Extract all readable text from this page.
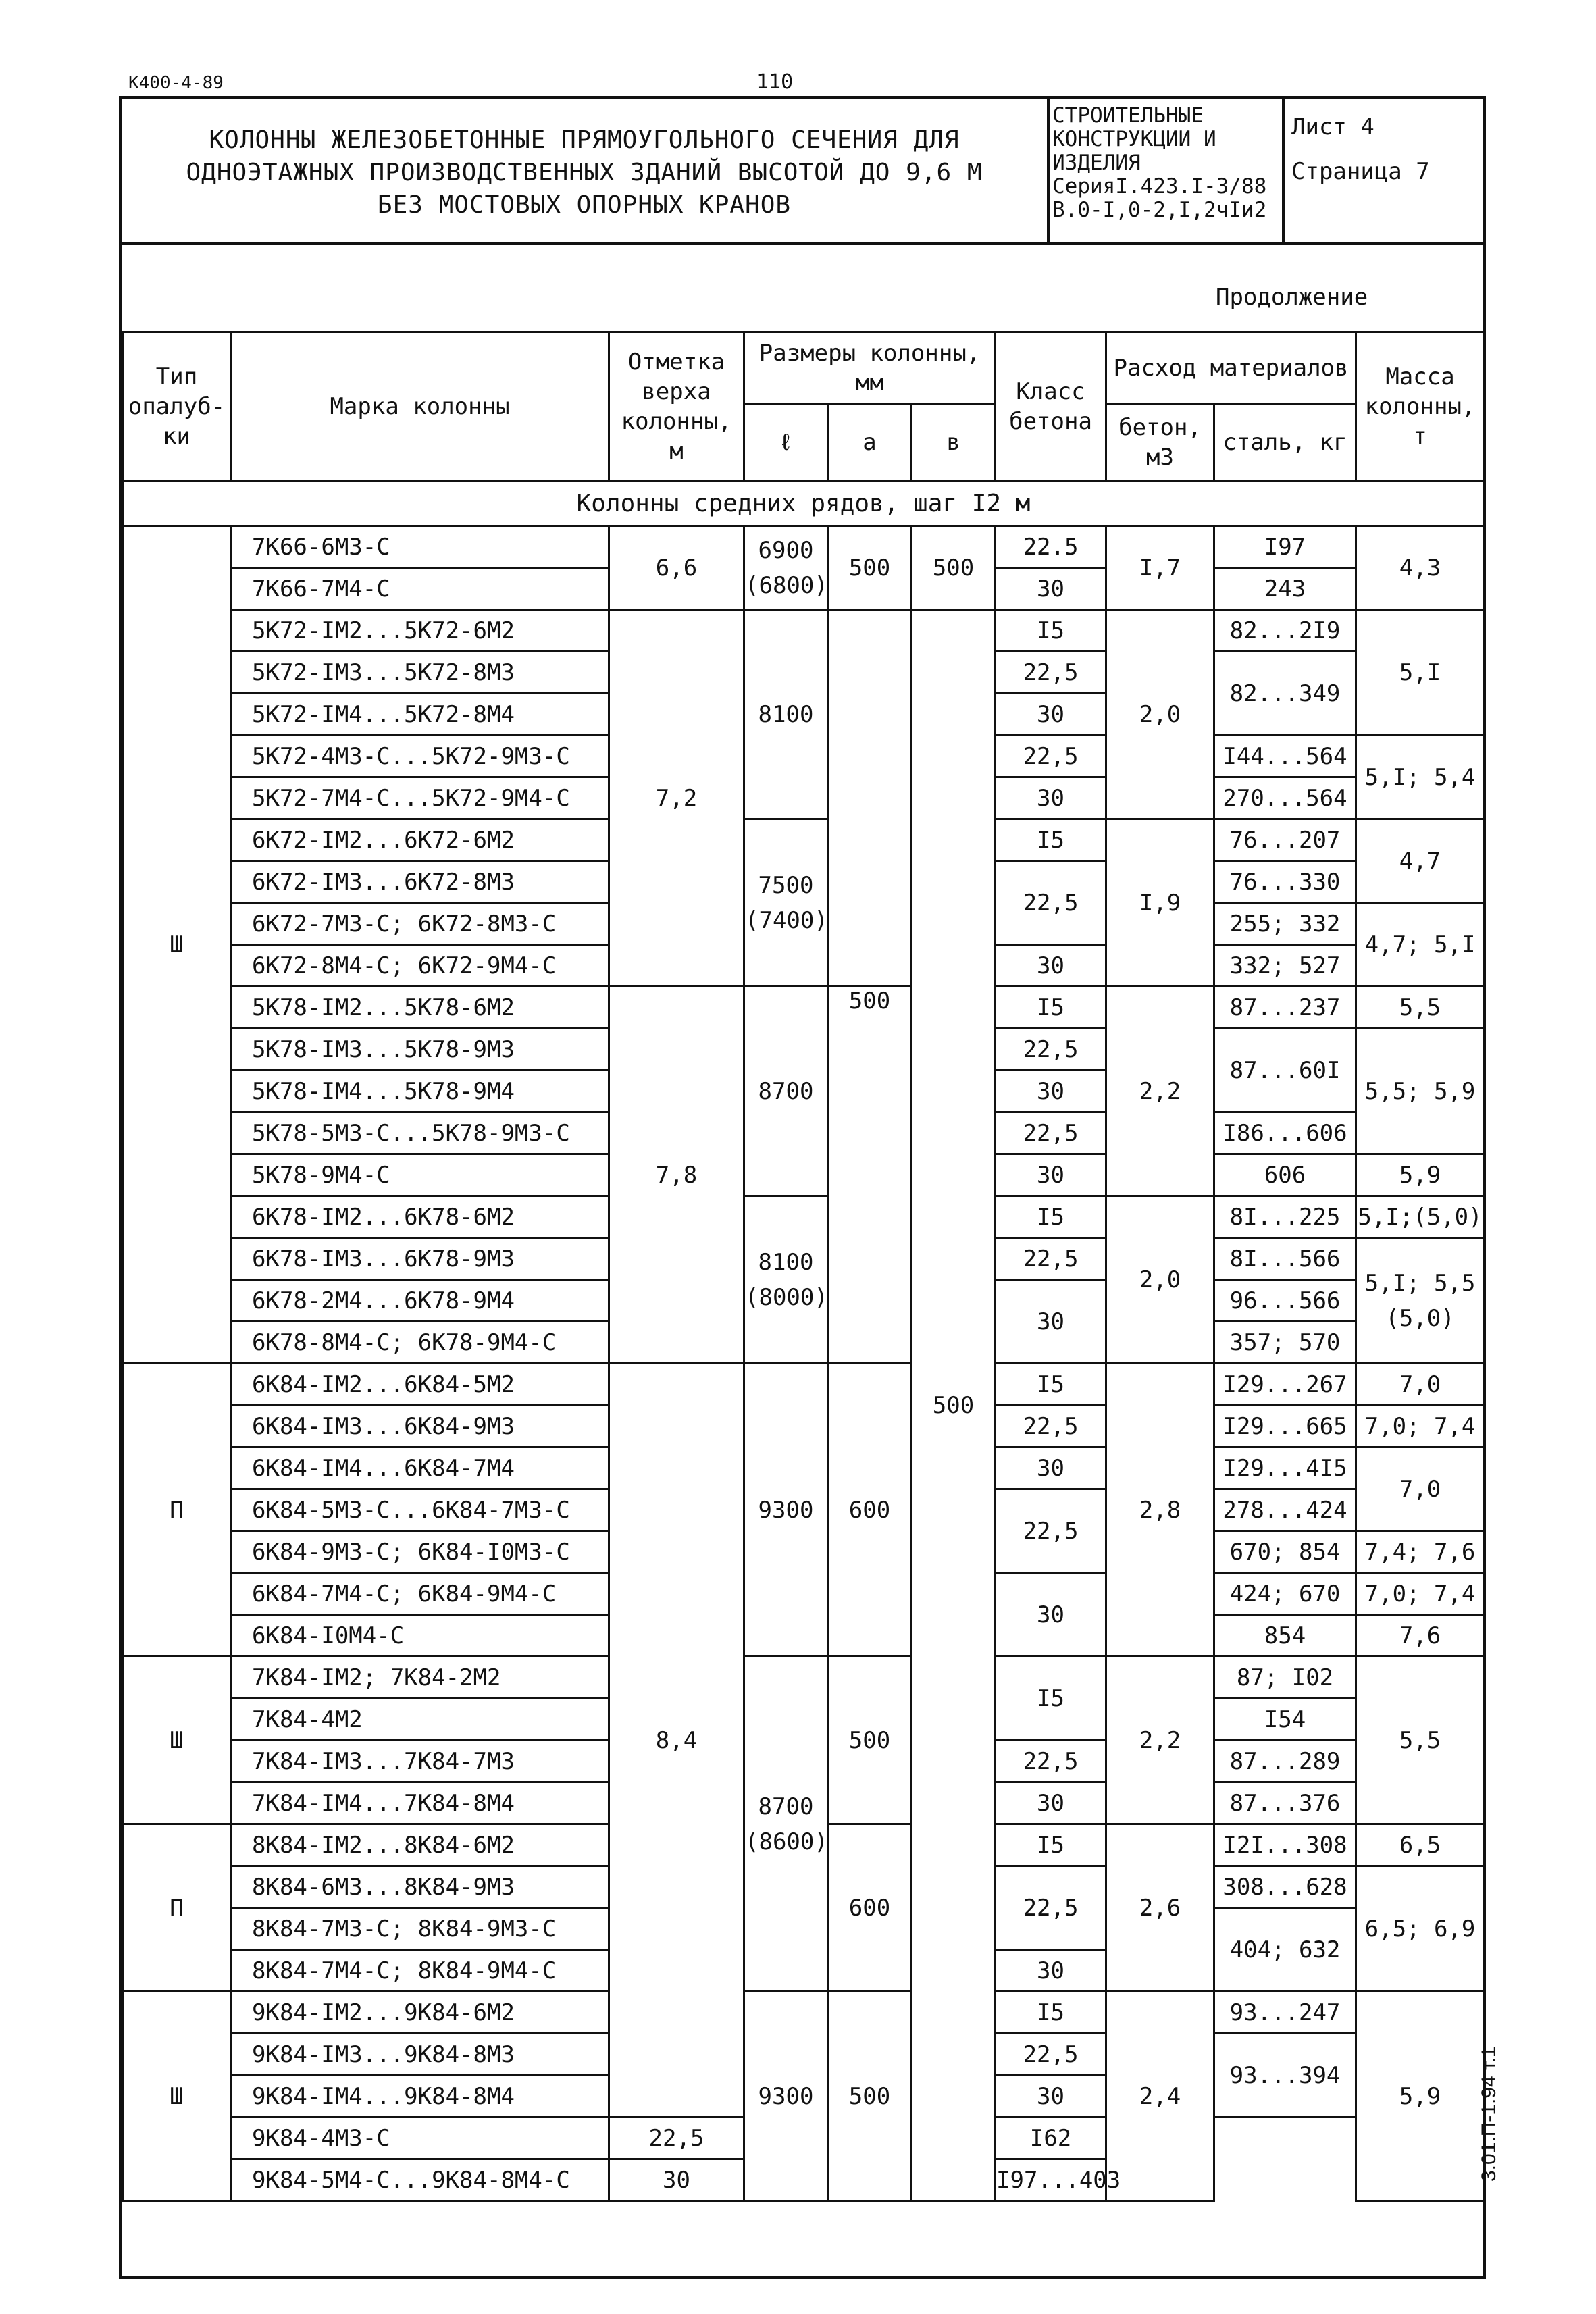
К400-4-89	110
КОЛОННЫ ЖЕЛЕЗОБЕТОННЫЕ ПРЯМОУГОЛЬНОГО СЕЧЕНИЯ ДЛЯ
ОДНОЭТАЖНЫХ ПРОИЗВОДСТВЕННЫХ ЗДАНИЙ ВЫСОТОЙ ДО 9,6 М
БЕЗ МОСТОВЫХ ОПОРНЫХ КРАНОВ
СТРОИТЕЛЬНЫЕ
КОНСТРУКЦИИ И
ИЗДЕЛИЯ
СерияI.423.I-3/88
B.0-I,0-2,I,2чIи2
Лист 4
Страница 7
Продолжение
Тип опалуб-ки	Марка колонны	Отметка верха колонны, м	Размеры колонны, мм			Класс бетона	Расход материалов		Масса колонны, т
			ℓ	а	в		бетон, м3	сталь, кг	
Колонны средних рядов, шаг I2 м									
Ш	7К66-6М3-С	6,6	6900 (6800)	500	500	22.5	I,7	I97	4,3
	7К66-7М4-С					30		243	
	5К72-IМ2...5К72-6М2	7,2	8100		500	I5	2,0	82...2I9	5,I
	5К72-IМ3...5К72-8М3					22,5		82...349	
	5К72-IМ4...5К72-8М4					30			
	5К72-4М3-С...5К72-9М3-С					22,5		I44...564	5,I; 5,4
	5К72-7М4-С...5К72-9М4-С					30		270...564	
	6К72-IМ2...6К72-6М2		7500 (7400)			I5	I,9	76...207	4,7
	6К72-IМ3...6К72-8М3					22,5		76...330	
	6К72-7М3-С; 6К72-8М3-С							255; 332	4,7; 5,I
	6К72-8М4-С; 6К72-9М4-С					30		332; 527	
	5К78-IМ2...5К78-6М2	7,8	8700	500		I5	2,2	87...237	5,5
	5К78-IМ3...5К78-9М3					22,5		87...60I	5,5; 5,9
	5К78-IМ4...5К78-9М4					30			
	5К78-5М3-С...5К78-9М3-С					22,5		I86...606	
	5К78-9М4-С					30		606	5,9
	6К78-IМ2...6К78-6М2		8100 (8000)			I5	2,0	8I...225	5,I;(5,0)
	6К78-IМ3...6К78-9М3					22,5		8I...566	5,I; 5,5 (5,0)
	6К78-2М4...6К78-9М4					30		96...566	
	6К78-8М4-С; 6К78-9М4-С							357; 570	
П	6К84-IМ2...6К84-5М2	8,4	9300	600		I5	2,8	I29...267	7,0
	6К84-IМ3...6К84-9М3					22,5		I29...665	7,0; 7,4
	6К84-IМ4...6К84-7М4					30		I29...4I5	7,0
	6К84-5М3-С...6К84-7М3-С					22,5		278...424	
	6К84-9М3-С; 6К84-I0М3-С							670; 854	7,4; 7,6
	6К84-7М4-С; 6К84-9М4-С					30		424; 670	7,0; 7,4
	6К84-I0М4-С							854	7,6
Ш	7К84-IМ2; 7К84-2М2		8700 (8600)	500		I5	2,2	87; I02	5,5
	7К84-4М2							I54	
	7К84-IМ3...7К84-7М3					22,5		87...289	
	7К84-IМ4...7К84-8М4					30		87...376	
П	8К84-IМ2...8К84-6М2			600		I5	2,6	I2I...308	6,5
	8К84-6М3...8К84-9М3					22,5		308...628	6,5; 6,9
	8К84-7М3-С; 8К84-9М3-С							404; 632	
	8К84-7М4-С; 8К84-9М4-С					30			
Ш	9К84-IМ2...9К84-6М2		9300	500		I5	2,4	93...247	5,9
	9К84-IМ3...9К84-8М3					22,5		93...394	
	9К84-IМ4...9К84-8М4					30			
	9К84-4М3-С	22,5				I62			
	9К84-5М4-С...9К84-8М4-С	30				I97...403				3.01.П-1.94 т.1
